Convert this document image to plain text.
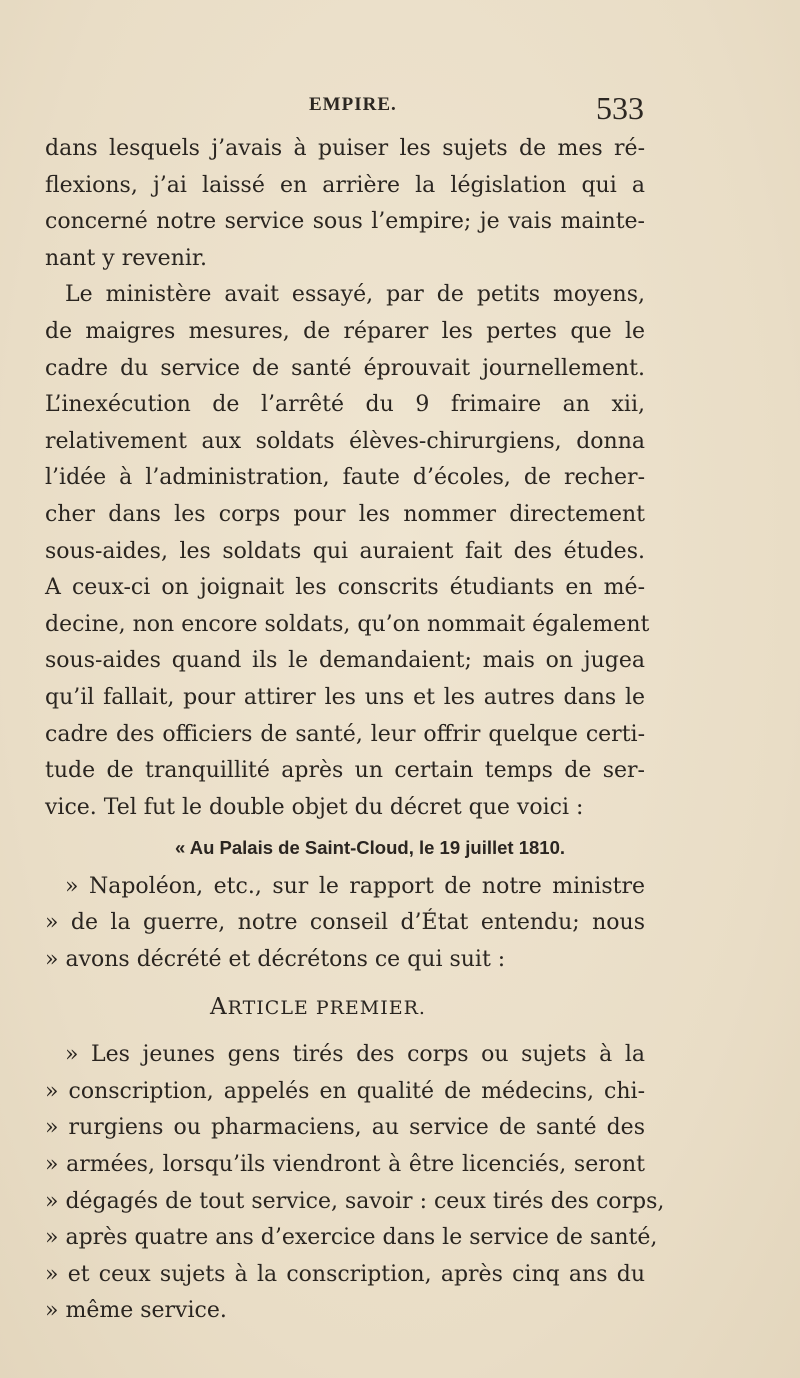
EMPIRE.	533
dans lesquels j’avais à puiser les sujets de mes ré-
flexions, j’ai laissé en arrière la législation qui a
concerné notre service sous l’empire; je vais mainte-
nant y revenir.
Le ministère avait essayé, par de petits moyens,
de maigres mesures, de réparer les pertes que le
cadre du service de santé éprouvait journellement.
L’inexécution de l’arrêté du 9 frimaire an xii,
relativement aux soldats élèves-chirurgiens, donna
l’idée à l’administration, faute d’écoles, de recher-
cher dans les corps pour les nommer directement
sous-aides, les soldats qui auraient fait des études.
A ceux-ci on joignait les conscrits étudiants en mé-
decine, non encore soldats, qu’on nommait également
sous-aides quand ils le demandaient; mais on jugea
qu’il fallait, pour attirer les uns et les autres dans le
cadre des officiers de santé, leur offrir quelque certi-
tude de tranquillité après un certain temps de ser-
vice. Tel fut le double objet du décret que voici :
« Au Palais de Saint-Cloud, le 19 juillet 1810.
» Napoléon, etc., sur le rapport de notre ministre
» de la guerre, notre conseil d’État entendu; nous
» avons décrété et décrétons ce qui suit :
ARTICLE PREMIER.
» Les jeunes gens tirés des corps ou sujets à la
» conscription, appelés en qualité de médecins, chi-
» rurgiens ou pharmaciens, au service de santé des
» armées, lorsqu’ils viendront à être licenciés, seront
» dégagés de tout service, savoir : ceux tirés des corps,
» après quatre ans d’exercice dans le service de santé,
» et ceux sujets à la conscription, après cinq ans du
» même service.
